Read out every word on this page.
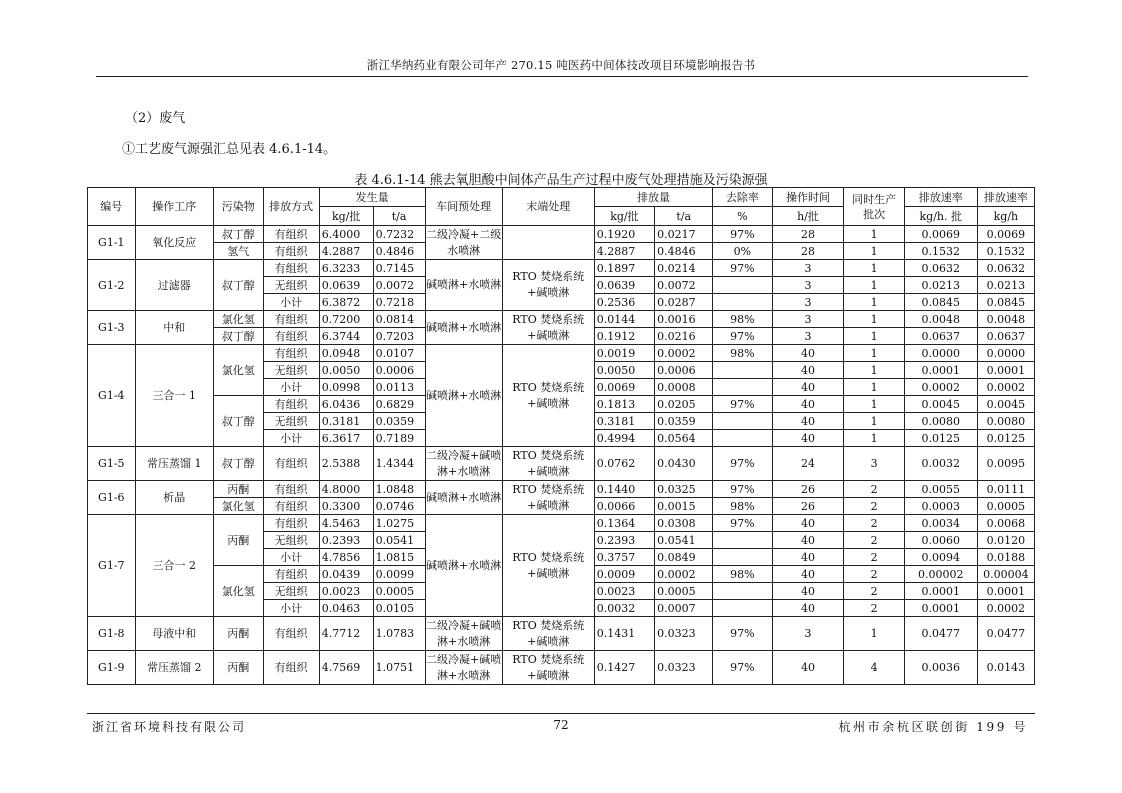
浙江华纳药业有限公司年产 270.15 吨医药中间体技改项目环境影响报告书
（2）废气
①工艺废气源强汇总见表 4.6.1-14。
表 4.6.1-14 熊去氧胆酸中间体产品生产过程中废气处理措施及污染源强
编号	操作工序	污染物	排放方式	发生量		车间预处理	末端处理	排放量		去除率	操作时间	同时生产批次	排放速率	排放速率
				kg/批	t/a			kg/批	t/a	%	h/批		kg/h. 批	kg/h
G1-1	氧化反应	叔丁醇	有组织	6.4000	0.7232	二级冷凝+二级水喷淋		0.1920	0.0217	97%	28	1	0.0069	0.0069
		氢气	有组织	4.2887	0.4846			4.2887	0.4846	0%	28	1	0.1532	0.1532
G1-2	过滤器	叔丁醇	有组织	6.3233	0.7145	碱喷淋+水喷淋	RTO 焚烧系统+碱喷淋	0.1897	0.0214	97%	3	1	0.0632	0.0632
			无组织	0.0639	0.0072			0.0639	0.0072		3	1	0.0213	0.0213
			小计	6.3872	0.7218			0.2536	0.0287		3	1	0.0845	0.0845
G1-3	中和	氯化氢	有组织	0.7200	0.0814	碱喷淋+水喷淋	RTO 焚烧系统+碱喷淋	0.0144	0.0016	98%	3	1	0.0048	0.0048
		叔丁醇	有组织	6.3744	0.7203			0.1912	0.0216	97%	3	1	0.0637	0.0637
G1-4	三合一 1	氯化氢	有组织	0.0948	0.0107	碱喷淋+水喷淋	RTO 焚烧系统+碱喷淋	0.0019	0.0002	98%	40	1	0.0000	0.0000
			无组织	0.0050	0.0006			0.0050	0.0006		40	1	0.0001	0.0001
			小计	0.0998	0.0113			0.0069	0.0008		40	1	0.0002	0.0002
		叔丁醇	有组织	6.0436	0.6829			0.1813	0.0205	97%	40	1	0.0045	0.0045
			无组织	0.3181	0.0359			0.3181	0.0359		40	1	0.0080	0.0080
			小计	6.3617	0.7189			0.4994	0.0564		40	1	0.0125	0.0125
G1-5	常压蒸馏 1	叔丁醇	有组织	2.5388	1.4344	二级冷凝+碱喷淋+水喷淋	RTO 焚烧系统+碱喷淋	0.0762	0.0430	97%	24	3	0.0032	0.0095
G1-6	析晶	丙酮	有组织	4.8000	1.0848	碱喷淋+水喷淋	RTO 焚烧系统+碱喷淋	0.1440	0.0325	97%	26	2	0.0055	0.0111
		氯化氢	有组织	0.3300	0.0746			0.0066	0.0015	98%	26	2	0.0003	0.0005
G1-7	三合一 2	丙酮	有组织	4.5463	1.0275	碱喷淋+水喷淋	RTO 焚烧系统+碱喷淋	0.1364	0.0308	97%	40	2	0.0034	0.0068
			无组织	0.2393	0.0541			0.2393	0.0541		40	2	0.0060	0.0120
			小计	4.7856	1.0815			0.3757	0.0849		40	2	0.0094	0.0188
		氯化氢	有组织	0.0439	0.0099			0.0009	0.0002	98%	40	2	0.00002	0.00004
			无组织	0.0023	0.0005			0.0023	0.0005		40	2	0.0001	0.0001
			小计	0.0463	0.0105			0.0032	0.0007		40	2	0.0001	0.0002
G1-8	母液中和	丙酮	有组织	4.7712	1.0783	二级冷凝+碱喷淋+水喷淋	RTO 焚烧系统+碱喷淋	0.1431	0.0323	97%	3	1	0.0477	0.0477
G1-9	常压蒸馏 2	丙酮	有组织	4.7569	1.0751	二级冷凝+碱喷淋+水喷淋	RTO 焚烧系统+碱喷淋	0.1427	0.0323	97%	40	4	0.0036	0.0143
浙江省环境科技有限公司	72	杭州市余杭区联创街 199 号
